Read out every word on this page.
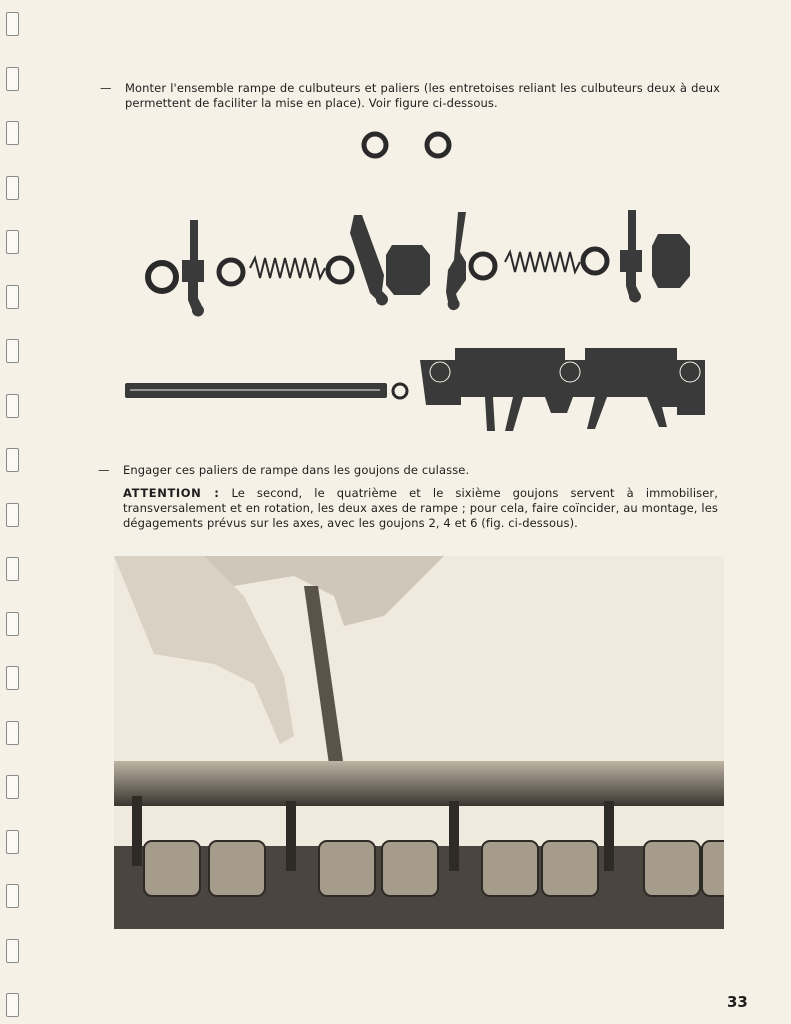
— Monter l'ensemble rampe de culbuteurs et paliers (les entretoises reliant les culbuteurs deux à deux permettent de faciliter la mise en place). Voir figure ci-dessous.
— Engager ces paliers de rampe dans les goujons de culasse.
ATTENTION : Le second, le quatrième et le sixième goujons servent à immobiliser, transversalement et en rotation, les deux axes de rampe ; pour cela, faire coïncider, au montage, les dégagements prévus sur les axes, avec les goujons 2, 4 et 6 (fig. ci-dessous).
33
